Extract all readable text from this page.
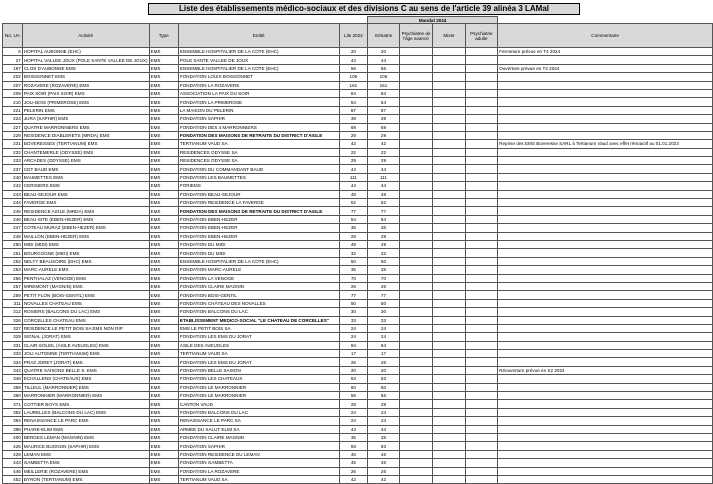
Liste des établissements médico-sociaux et des divisions C au sens de l'article 39 alinéa 3 LAMal
					Mandat 2024				
No. UA	Activité	Type	Entité	Lits 2024	Gériatrie	Psychiatrie de l'âge avancé	Mixte	Psychiatrie adulte	Commentaire
6	HOPITAL AUBONNE (EHC)	EMS	ENSEMBLE HOSPITALIER DE LA COTE (EHC)	20	20				Fermeture prévue en T4 2024
27	HOPITAL VALLEE JOUX (POLE SANTE VALLEE DE JOUX)	EMS	POLE SANTE VALLEE DE JOUX	44	44				
197	CLOS D'AUBONNE EMS	EMS	ENSEMBLE HOSPITALIER DE LA COTE (EHC)	56	56				Ouverture prévue en T4 2024
202	BOISSONNET EMS	EMS	FONDATION LOUIS BOISSONNET	106	106				
207	ROZAVERE (ROZAVERE) EMS	EMS	FONDATION LA ROZAVERE	161	161				
209	PAIX SOIR (PAIX SOIR) EMS	EMS	ASSOCIATION LA PAIX DU SOIR	84	84				
210	JOLI-BOIS (PRIMEROSE) EMS	EMS	FONDATION LA PRIMEROSE	54	54				
221	PELERIN EMS	EMS	LA MAISON DU PELERIN	87	87				
224	JURA (SAPHIR) EMS	EMS	FONDATION SAPHIR	39	39				
227	QUATRE MARRONNIERS EMS	EMS	FONDATION DES 4 MARRONNIERS	69	69				
229	RESIDENCE DIABLERETS (MRDA) EMS	EMS	FONDATION DES MAISONS DE RETRAITE DU DISTRICT D'AIGLE	29	29				
231	BOVERESSES (TERTIANUM) EMS	EMS	TERTIANUM VAUD SA	42	42				Reprise des EMS Boveresse SARL à Tertianum Vaud avec effet rétroactif au 01.01.2023
232	CHANTEMERLE (ODYSSE) EMS	EMS	RESIDENCES ODYSSE SA	22	22				
233	ARCADES (ODYSSE) EMS	EMS	RESIDENCES ODYSSE SA	29	29				
237	CDT BAUD EMS	EMS	FONDATION DU COMMANDANT BAUD	44	44				
240	BAUMETTES EMS	EMS	FONDATION LES BAUMETTES	111	111				
242	CERISIERS EMS	EMS	FORIEMS	44	44				
243	BEAU-SEJOUR EMS	EMS	FONDATION BEAU-SEJOUR	48	48				
244	FAVERGE EMS	EMS	FONDATION RESIDENCE LA FAVERGE	52	52				
245	RESIDENCE AIGLE (MRDA) EMS	EMS	FONDATION DES MAISONS DE RETRAITE DU DISTRICT D'AIGLE	77	77				
246	BEAU-SITE (EBEN-HEZER) EMS	EMS	FONDATION EBEN-HEZER	54	54				
247	COTEAU MURAZ (EBEN-HEZER) EMS	EMS	FONDATION EBEN-HEZER	36	36				
248	MAILLON (EBEN-HEZER) EMS	EMS	FONDATION EBEN-HEZER	28	28				
250	MIDI (MIDI) EMS	EMS	FONDATION DU MIDI	49	49				
251	BOURGOGNE (MIDI) EMS	EMS	FONDATION DU MIDI	32	32				
252	NELTY BEAUSOIRE (EHC) EMS	EMS	ENSEMBLE HOSPITALIER DE LA COTE (EHC)	50	50				
253	MARC-AURELE EMS	EMS	FONDATION MARC-AURELE	35	35				
256	PENTHALAZ (VENOGE) EMS	EMS	FONDATION LA VENOGE	70	70				
257	MIREMONT (MAGNIN) EMS	EMS	FONDATION CLAIRE MAGNIN	26	26				
259	PETIT FLON (BOIS-GENTIL) EMS	EMS	FONDATION BOIS-GENTIL	77	77				
311	NOVALLES CHATEAU EMS	EMS	FONDATION CHÂTEAU DES NOVALLES	50	50				
312	ROSIERS (BALCONS DU LAC) EMS	EMS	FONDATION BALCONS DU LAC	30	30				
326	CORCELLES CHATEAU EMS	EMS	ETABLISSEMENT MEDICO-SOCIAL "LE CHATEAU DE CORCELLES"	33	33				
327	RESIDENCE LE PETIT BOIS SA EMS NON RIP	EMS	EMS LE PETIT BOIS SA	24	24				
329	SIGNAL (JORAT) EMS	EMS	FONDATION LES EMS DU JORAT	24	24				
331	CLAIR-SOLEIL (ASILE AVEUGLES) EMS	EMS	ASILE DES AVEUGLES	94	94				
333	JOLI AUTOMNE (TERTIANUM) EMS	EMS	TERTIANUM VAUD SA	17	17				
334	PRAZ JORET (JORAT) EMS	EMS	FONDATION LES EMS DU JORAT	26	26				
342	QUATRE SAISONS BELLE S. EMS	EMS	FONDATION BELLE SAISON	20	20				Réouverture prévue en S2 2024
346	ECHALLENS (CHATEAUX) EMS	EMS	FONDATION LES CHATEAUX	53	53				
359	TILLEUL (MARRONNIER) EMS	EMS	FONDATION LE MARRONNIER	60	60				
360	MARRONNIER (MARRONNIER) EMS	EMS	FONDATION LE MARRONNIER	56	56				
371	COTTIER BOYS EMS	EMS	CANTON VAUD	28	28				
392	LAURELLES (BALCONS DU LAC) EMS	EMS	FONDATION BALCONS DU LAC	24	24				
394	RENAISSANCE LE PARC EMS	EMS	RENAISSANCE LE PARC SA	24	24				
398	PHARE-ELIM EMS	EMS	ARMEE DU SALUT ELIM SA	44	44				
400	BERGES LEMAN (MAGNIN) EMS	EMS	FONDATION CLAIRE MAGNIN	35	35				
425	MAURICE BUGNON (SAPHIR) EMS	EMS	FONDATION SAPHIR	93	93				
429	LEMAN EMS	EMS	FONDATION RESIDENCE DU LEMAN	46	46				
443	GAMBETTA EMS	EMS	FONDATION GAMBETTA	45	45				
446	MEILLERIE (ROZAVERE) EMS	EMS	FONDATION LA ROZAVERE	26	26				
452	BYRON (TERTIANUM) EMS	EMS	TERTIANUM VAUD SA	42	42				
